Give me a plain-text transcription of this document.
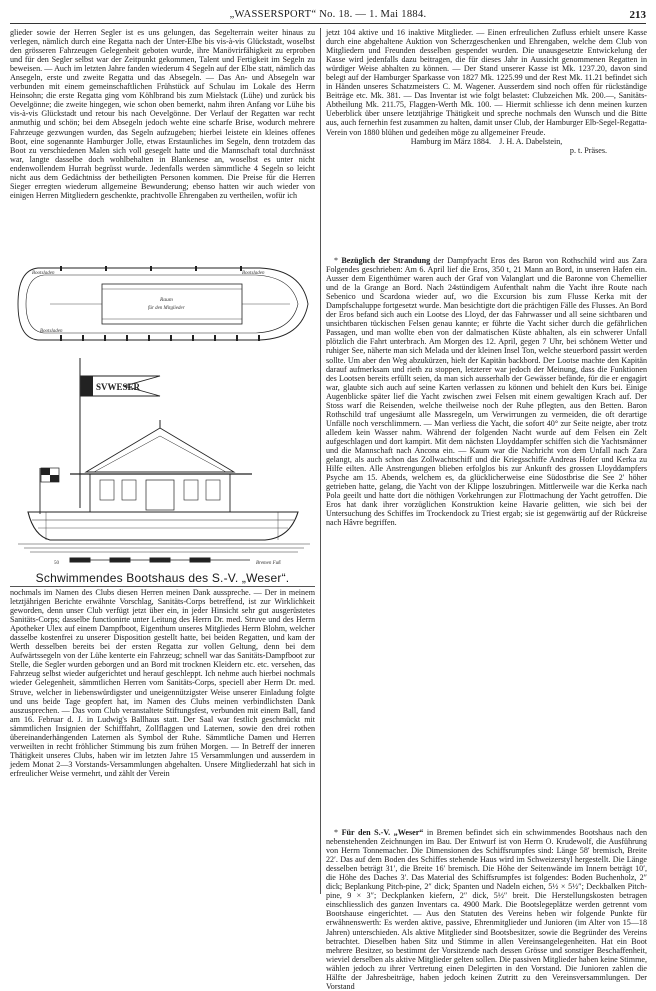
„WASSERSPORT“ No. 18. — 1. Mai 1884.	213

glieder sowie der Herren Segler ist es uns gelungen, das Segelterrain weiter hinaus zu verlegen, nämlich durch eine Regatta nach der Unter-Elbe bis vis-à-vis Glückstadt, woselbst den grösseren Fahrzeugen Gelegenheit geboten wurde, ihre Manövrirfähigkeit zu erproben und für den Segler selbst war der Zeitpunkt gekommen, Talent und Fertigkeit im Segeln zu beweisen. — Auch im letzten Jahre fanden wiederum 4 Segeln auf der Elbe statt, nämlich das Ansegeln, erste und zweite Regatta und das Absegeln. — Das An- und Absegeln war verbunden mit einem gemeinschaftlichen Frühstück auf Schulau im Lokale des Herrn Heinsohn; die erste Regatta ging vom Köhlbrand bis zum Mielstack (Lühe) und zurück bis Oevelgönne; die zweite hingegen, wie schon oben bemerkt, nahm ihren Anfang vor Lühe bis vis-à-vis Glückstadt und retour bis nach Oevelgönne. Der Verlauf der Regatten war recht anmuthig und schön; bei dem Absegeln jedoch wehte eine scharfe Brise, wodurch mehrere Fahrzeuge gezwungen wurden, das Segeln aufzugeben; hierbei leistete ein kleines offenes Boot, eine sogenannte Hamburger Jolle, etwas Erstaunliches im Segeln, denn trotzdem das Boot zu verschiedenen Malen sich voll gesegelt hatte und die Mannschaft total durchnässt war, langte dasselbe doch wohlbehalten in Blankenese an, woselbst es unter nicht endenwollendem Hurrah begrüsst wurde. Jedenfalls werden sämmtliche 4 Segeln so leicht nicht aus dem Gedächtniss der betheiligten Personen kommen. Die Preise für die Herren Sieger erregten wiederum allgemeine Bewunderung; ebenso hatten wir auch wieder von einigen Herren Mitgliedern geschenkte, prachtvolle Ehrengaben zu vertheilen, wofür ich

jetzt 104 aktive und 16 inaktive Mitglieder. — Einen erfreulichen Zufluss erhielt unsere Kasse durch eine abgehaltene Auktion von Scherzgeschenken und Ehrengaben, welche dem Club von Mitgliedern und Freunden desselben gespendet wurden. Die unausgesetzte Entwickelung der Kasse wird jedenfalls dazu beitragen, die für dieses Jahr in Aussicht genommenen Regatten in würdiger Weise abhalten zu können. — Der Stand unserer Kasse ist Mk. 1237.20, davon sind belegt auf der Hamburger Sparkasse von 1827 Mk. 1225.99 und der Rest Mk. 11.21 befindet sich in Händen unseres Schatzmeisters C. M. Wagener. Ausserdem sind noch offen für rückständige Beiträge etc. Mk. 381. — Das Inventar ist wie folgt belastet: Clubzeichen Mk. 200.—, Sanitäts-Abtheilung Mk. 211.75, Flaggen-Werth Mk. 100. — Hiermit schliesse ich denn meinen kurzen Ueberblick über unsere letztjährige Thätigkeit und spreche nochmals den Wunsch und die Bitte aus, auch fernerhin fest zusammen zu halten, damit unser Club, der Hamburger Elb-Segel-Regatta-Verein von 1880 blühen und gedeihen möge zu allgemeiner Freude.

Hamburg im März 1884. J. H. A. Dabelstein,

p. t. Präses.

* Bezüglich der Strandung der Dampfyacht Eros des Baron von Rothschild wird aus Zara Folgendes geschrieben: Am 6. April lief die Eros, 350 t, 21 Mann an Bord, in unseren Hafen ein. Ausser dem Eigenthümer waren auch der Graf von Valanglart und die Baronne von Chemellier und de la Grange an Bord. Nach 24stündigem Aufenthalt nahm die Yacht ihre Route nach Sebenico und Scardona wieder auf, wo die Excursion bis zum Flusse Kerka mit der Dampfschaluppe fortgesetzt wurde. Man besichtigte dort die prächtigen Fälle des Flusses. An Bord der Eros befand sich auch ein Lootse des Lloyd, der das Fahrwasser und all seine sichtbaren und unsichtbaren tückischen Felsen genau kannte; er führte die Yacht sicher durch die gefährlichen Passagen, und man wollte eben von der dalmatischen Küste abhalten, als ein schwerer Unfall plötzlich die Fahrt unterbrach. Am Morgen des 12. April, gegen 7 Uhr, bei schönem Wetter und ruhiger See, näherte man sich Melada und der kleinen Insel Ton, welche steuerbord passirt werden sollte. Um aber den Weg abzukürzen, hielt der Kapitän backbord. Der Lootse machte den Kapitän darauf aufmerksam und rieth zu stoppen, letzterer war jedoch der Meinung, dass die Funktionen des Lootsen bereits erfüllt seien, da man sich ausserhalb der Gewässer befände, für die er engagirt war, glaubte sich auch auf seine Karten verlassen zu können und behielt den Kurs bei. Einige Augenblicke später lief die Yacht zwischen zwei Felsen mit einem gewaltigen Krach auf. Der Stoss warf die Reisenden, welche theilweise noch der Ruhe pflegten, aus den Betten. Baron Rothschild traf ungesäumt alle Massregeln, um Verwirrungen zu vermeiden, die oft derartige Unfälle noch verschlimmern. — Man verliess die Yacht, die sofort 40° zur Seite neigte, aber trotz alledem kein Wasser nahm. Während der folgenden Nacht wurde auf dem Felsen ein Zelt aufgeschlagen und dort kampirt. Mit dem nächsten Lloyddampfer schiffen sich die Yachtsmänner und die Mannschaft nach Ancona ein. — Kaum war die Nachricht von dem Unfall nach Zara gelangt, als auch schon das Zollwachtschiff und die Kriegsschiffe Andreas Hofer und Kerka zu Hilfe eilten. Alle Anstrengungen blieben erfolglos bis zur Ankunft des grossen Lloyddampfers Psyche am 15. Abends, welchem es, da glücklicherweise eine Südostbrise die See 2′ höher getrieben hatte, gelang, die Yacht von der Klippe loszubringen. Mittlerweile war die Kerka nach Pola geeilt und hatte dort die nöthigen Vorkehrungen zur Flottmachung der Yacht getroffen. Die Eros hat dank ihrer vorzüglichen Konstruktion keine Havarie gelitten, wie sich bei der Untersuchung des Schiffes im Trockendock zu Triest ergab; sie ist gegenwärtig auf der Rückreise nach Hâvre begriffen.

Bootsladen	Bootsladen
Bootsladen
Raum
für den Mitglieder
SVWESER
50	Bremen Fuß
Schwimmendes Bootshaus des S.-V. „Weser“.

nochmals im Namen des Clubs diesen Herren meinen Dank ausspreche. — Der in meinem letztjährigen Berichte erwähnte Vorschlag, Sanitäts-Corps betreffend, ist zur Wirklichkeit geworden, denn unser Club verfügt jetzt über ein, in jeder Hinsicht sehr gut ausgerüstetes Sanitäts-Corps; dasselbe functionirte unter Leitung des Herrn Dr. med. Struve und des Herrn Apotheker Ulex auf einem Dampfboot, Eigenthum unseres Mitgliedes Herrn Blohm, welcher dasselbe kostenfrei zu unserer Disposition gestellt hatte, bei beiden Regatten, und kam der Werth desselben bereits bei der ersten Regatta zur vollen Geltung, denn bei dem Aufwärtssegeln von der Lühe kenterte ein Fahrzeug; schnell war das Sanitäts-Dampfboot zur Stelle, die Segler wurden geborgen und an Bord mit trocknen Kleidern etc. etc. versehen, das Fahrzeug selbst wieder aufgerichtet und herauf geschleppt. Ich nehme auch hierbei nochmals wieder Gelegenheit, sämmtlichen Herren vom Sanitäts-Corps, speciell aber Herrn Dr. med. Struve, welcher in liebenswürdigster und uneigennützigster Weise unserer Einladung folgte und uns beide Tage geopfert hat, im Namen des Clubs meinen verbindlichsten Dank auszusprechen. — Das vom Club veranstaltete Stiftungsfest, verbunden mit einem Ball, fand am 16. Februar d. J. in Ludwig's Ballhaus statt. Der Saal war festlich geschmückt mit sämmtlichen Insignien der Schifffahrt, Zollflaggen und Laternen, sowie den drei rothen übereinanderhängenden Laternen als Symbol der Ruhe. Sämmtliche Damen und Herren verweilten in recht fröhlicher Stimmung bis zum frühen Morgen. — In Betreff der inneren Thätigkeit unseres Clubs, haben wir im letzten Jahre 15 Versammlungen und ausserdem in jedem Monat 2—3 Vorstands-Versammlungen abgehalten. Unsere Mitgliederzahl hat sich in erfreulicher Weise vermehrt, und zählt der Verein

* Für den S.-V. „Weser“ in Bremen befindet sich ein schwimmendes Bootshaus nach den nebenstehenden Zeichnungen im Bau. Der Entwurf ist von Herrn O. Krudewolf, die Ausführung von Herrn Tonnemacher. Die Dimensionen des Schiffsrumpfes sind: Länge 58′ bremisch, Breite 22′. Das auf dem Boden des Schiffes stehende Haus wird im Schweizerstyl hergestellt. Die Länge desselben beträgt 31′, die Breite 16′ bremisch. Die Höhe der Seitenwände im Innern beträgt 10′, die Höhe des Daches 3′. Das Material des Schiffsrumpfes ist folgendes: Boden Buchenholz, 2″ dick; Beplankung Pitch-pine, 2″ dick; Spanten und Nadeln eichen, 5½ × 5½″; Deckbalken Pitch-pine, 9 × 3″; Deckplanken kiefern, 2″ dick, 5½″ breit. Die Herstellungskosten betragen einschliesslich des ganzen Inventars ca. 4900 Mark. Die Bootslegeplätze werden getrennt vom Bootshause eingerichtet. — Aus den Statuten des Vereins heben wir folgende Punkte für erwähnenswerth: Es werden aktive, passive, Ehrenmitglieder und Junioren (im Alter von 15—18 Jahren) unterschieden. Als aktive Mitglieder sind Bootsbesitzer, sowie die Begründer des Vereins betrachtet. Dieselben haben Sitz und Stimme in allen Vereinsangelegenheiten. Hat ein Boot mehrere Besitzer, so bestimmt der Vorsitzende nach dessen Grösse und sonstiger Beschaffenheit, wieviel derselben als aktive Mitglieder gelten sollen. Die passiven Mitglieder haben keine Stimme, wählen jedoch zu ihrer Vertretung einen Delegirten in den Vorstand. Die Junioren zahlen die Hälfte der Jahresbeiträge, haben jedoch keinen Zutritt zu den Vereinsversammlungen. Der Vorstand
